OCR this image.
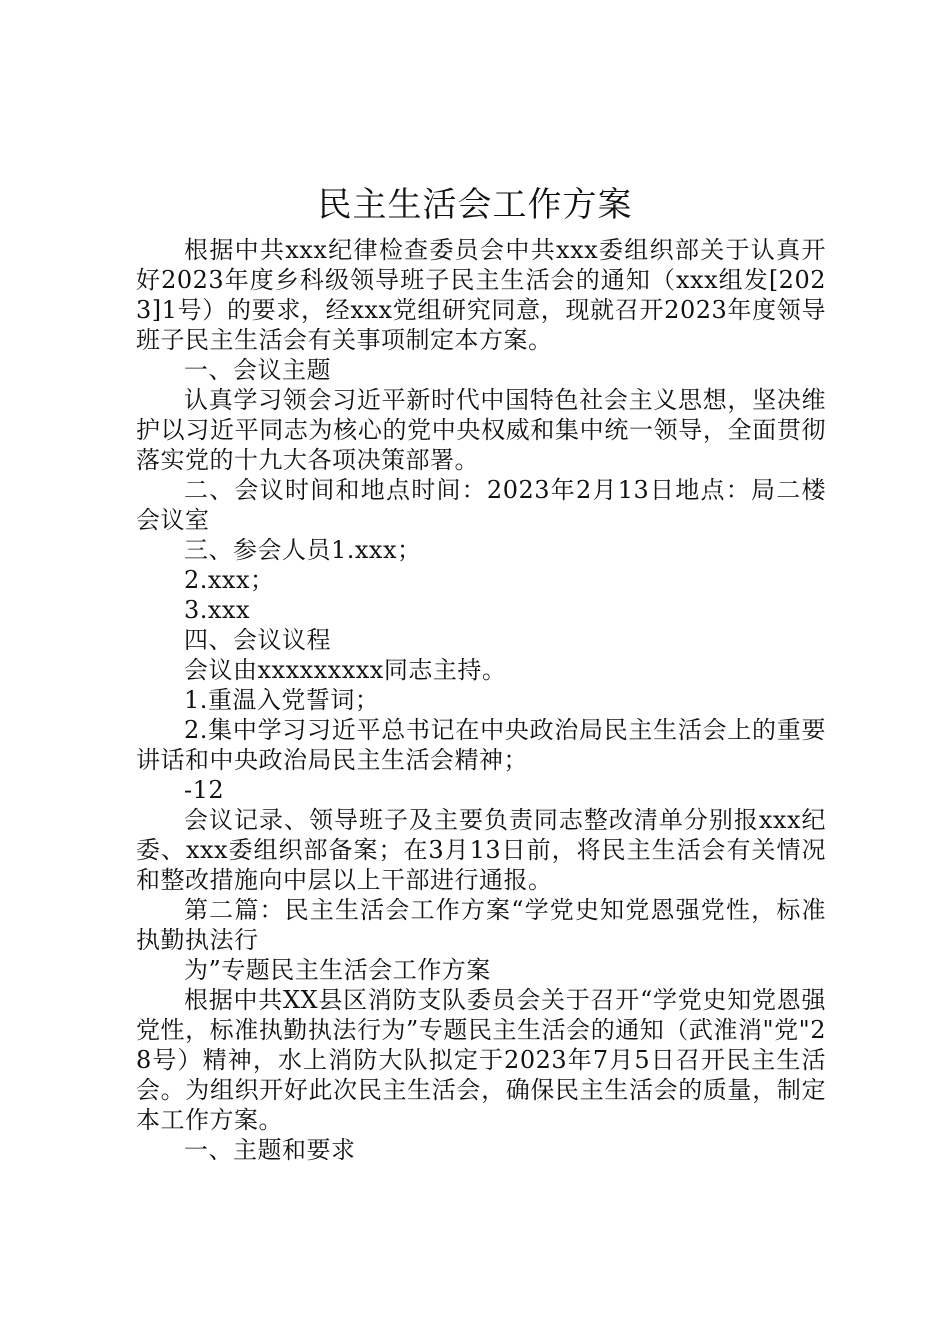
民主生活会工作方案

根据中共xxx纪律检查委员会中共xxx委组织部关于认真开好2023年度乡科级领导班子民主生活会的通知（xxx组发[2023]1号）的要求，经xxx党组研究同意，现就召开2023年度领导班子民主生活会有关事项制定本方案。

一、会议主题

认真学习领会习近平新时代中国特色社会主义思想，坚决维护以习近平同志为核心的党中央权威和集中统一领导，全面贯彻落实党的十九大各项决策部署。

二、会议时间和地点时间：2023年2月13日地点：局二楼会议室

三、参会人员1.xxx；

2.xxx；

3.xxx

四、会议议程

会议由xxxxxxxxx同志主持。

1.重温入党誓词；

2.集中学习习近平总书记在中央政治局民主生活会上的重要讲话和中央政治局民主生活会精神；

-12

会议记录、领导班子及主要负责同志整改清单分别报xxx纪委、xxx委组织部备案；在3月13日前，将民主生活会有关情况和整改措施向中层以上干部进行通报。

第二篇：民主生活会工作方案“学党史知党恩强党性，标准执勤执法行

为”专题民主生活会工作方案

根据中共XX县区消防支队委员会关于召开“学党史知党恩强党性，标准执勤执法行为”专题民主生活会的通知（武淮消"党"28号）精神，水上消防大队拟定于2023年7月5日召开民主生活会。为组织开好此次民主生活会，确保民主生活会的质量，制定本工作方案。

一、主题和要求
